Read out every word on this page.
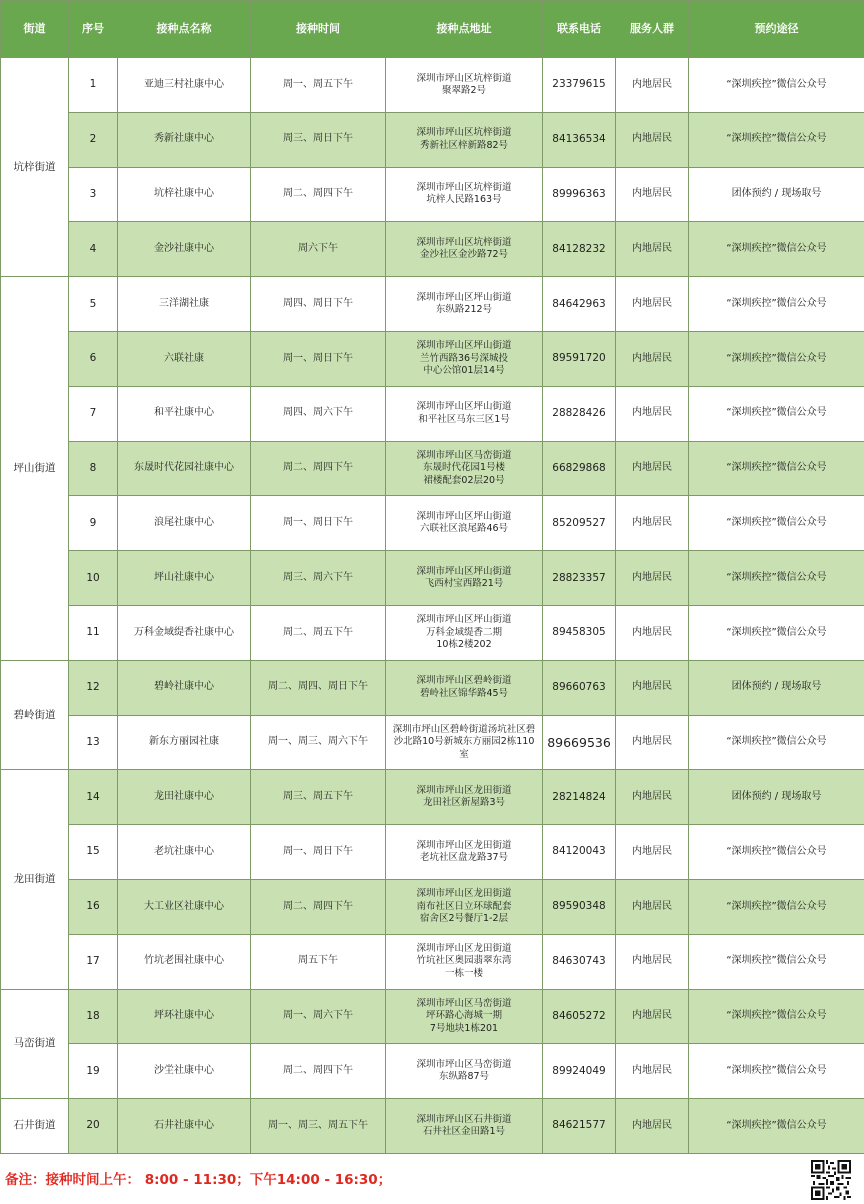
街道	序号	接种点名称	接种时间	接种点地址	联系电话	服务人群	预约途径
坑梓街道	1	亚迪三村社康中心	周一、周五下午	深圳市坪山区坑梓街道
聚翠路2号	23379615	内地居民	“深圳疾控”微信公众号
	2	秀新社康中心	周三、周日下午	深圳市坪山区坑梓街道
秀新社区梓新路82号	84136534	内地居民	“深圳疾控”微信公众号
	3	坑梓社康中心	周二、周四下午	深圳市坪山区坑梓街道
坑梓人民路163号	89996363	内地居民	团体预约 / 现场取号
	4	金沙社康中心	周六下午	深圳市坪山区坑梓街道
金沙社区金沙路72号	84128232	内地居民	“深圳疾控”微信公众号
坪山街道	5	三洋湖社康	周四、周日下午	深圳市坪山区坪山街道
东纵路212号	84642963	内地居民	“深圳疾控”微信公众号
	6	六联社康	周一、周日下午	深圳市坪山区坪山街道
兰竹西路36号深城投
中心公馆01层14号	89591720	内地居民	“深圳疾控”微信公众号
	7	和平社康中心	周四、周六下午	深圳市坪山区坪山街道
和平社区马东三区1号	28828426	内地居民	“深圳疾控”微信公众号
	8	东晟时代花园社康中心	周二、周四下午	深圳市坪山区马峦街道
东晟时代花园1号楼
裙楼配套02层20号	66829868	内地居民	“深圳疾控”微信公众号
	9	浪尾社康中心	周一、周日下午	深圳市坪山区坪山街道
六联社区浪尾路46号	85209527	内地居民	“深圳疾控”微信公众号
	10	坪山社康中心	周三、周六下午	深圳市坪山区坪山街道
飞西村宝西路21号	28823357	内地居民	“深圳疾控”微信公众号
	11	万科金域缇香社康中心	周二、周五下午	深圳市坪山区坪山街道
万科金域缇香二期
10栋2楼202	89458305	内地居民	“深圳疾控”微信公众号
碧岭街道	12	碧岭社康中心	周二、周四、周日下午	深圳市坪山区碧岭街道
碧岭社区锦华路45号	89660763	内地居民	团体预约 / 现场取号
	13	新东方丽园社康	周一、周三、周六下午	深圳市坪山区碧岭街道汤坑社区碧
沙北路10号新城东方丽园2栋110
室	89669536	内地居民	“深圳疾控”微信公众号
龙田街道	14	龙田社康中心	周三、周五下午	深圳市坪山区龙田街道
龙田社区新屋路3号	28214824	内地居民	团体预约 / 现场取号
	15	老坑社康中心	周一、周日下午	深圳市坪山区龙田街道
老坑社区盘龙路37号	84120043	内地居民	“深圳疾控”微信公众号
	16	大工业区社康中心	周二、周四下午	深圳市坪山区龙田街道
南布社区日立环球配套
宿舍区2号餐厅1-2层	89590348	内地居民	“深圳疾控”微信公众号
	17	竹坑老围社康中心	周五下午	深圳市坪山区龙田街道
竹坑社区奥园翡翠东湾
一栋一楼	84630743	内地居民	“深圳疾控”微信公众号
马峦街道	18	坪环社康中心	周一、周六下午	深圳市坪山区马峦街道
坪环路心海城一期
7号地块1栋201	84605272	内地居民	“深圳疾控”微信公众号
	19	沙坣社康中心	周二、周四下午	深圳市坪山区马峦街道
东纵路87号	89924049	内地居民	“深圳疾控”微信公众号
石井街道	20	石井社康中心	周一、周三、周五下午	深圳市坪山区石井街道
石井社区金田路1号	84621577	内地居民	“深圳疾控”微信公众号
备注：接种时间上午： 8:00 - 11:30；下午14:00 - 16:30；
